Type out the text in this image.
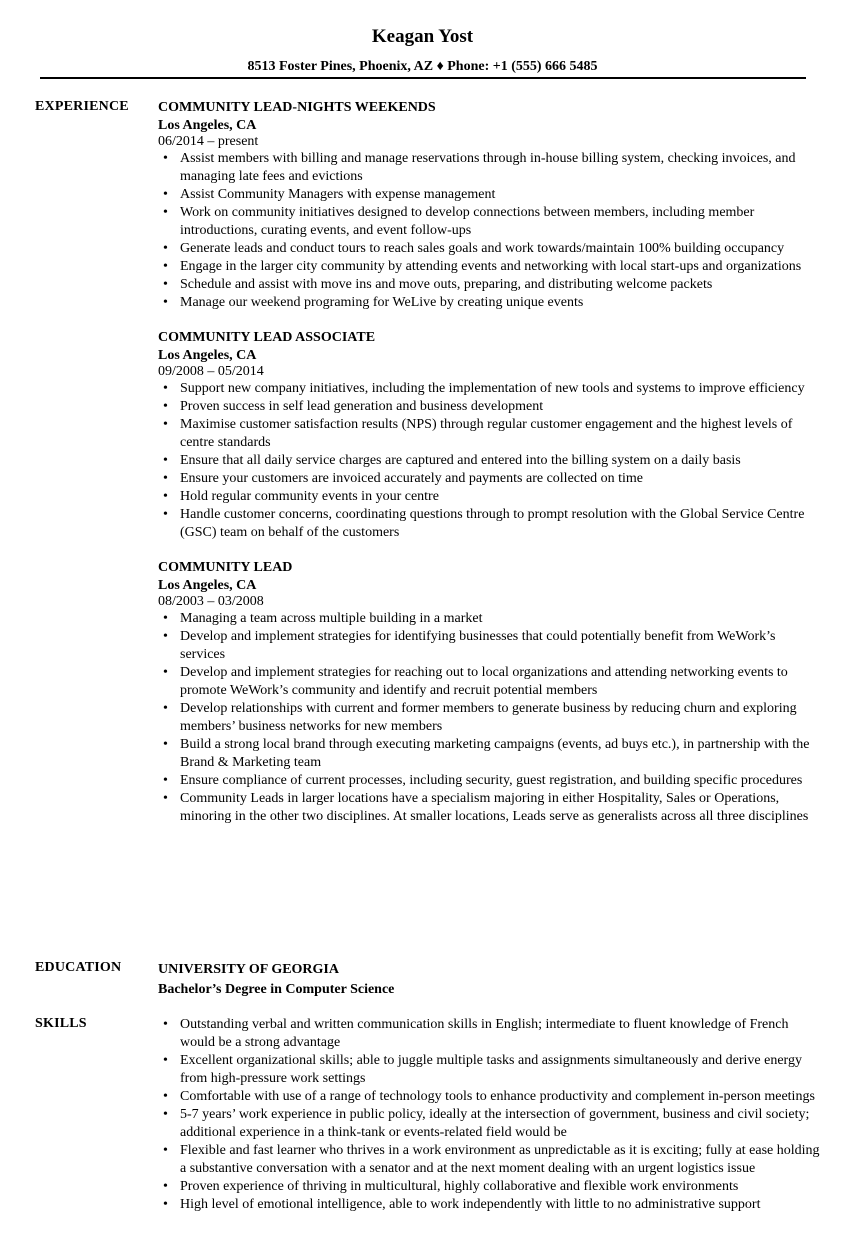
Keagan Yost
8513 Foster Pines, Phoenix, AZ ♦ Phone: +1 (555) 666 5485
EXPERIENCE COMMUNITY LEAD-NIGHTS WEEKENDS
Los Angeles, CA
06/2014 – present
• Assist members with billing and manage reservations through in-house billing system, checking invoices, and managing late fees and evictions
• Assist Community Managers with expense management
• Work on community initiatives designed to develop connections between members, including member introductions, curating events, and event follow-ups
• Generate leads and conduct tours to reach sales goals and work towards/maintain 100% building occupancy
• Engage in the larger city community by attending events and networking with local start-ups and organizations
• Schedule and assist with move ins and move outs, preparing, and distributing welcome packets
• Manage our weekend programing for WeLive by creating unique events
COMMUNITY LEAD ASSOCIATE
Los Angeles, CA
09/2008 – 05/2014
• Support new company initiatives, including the implementation of new tools and systems to improve efficiency
• Proven success in self lead generation and business development
• Maximise customer satisfaction results (NPS) through regular customer engagement and the highest levels of centre standards
• Ensure that all daily service charges are captured and entered into the billing system on a daily basis
• Ensure your customers are invoiced accurately and payments are collected on time
• Hold regular community events in your centre
• Handle customer concerns, coordinating questions through to prompt resolution with the Global Service Centre (GSC) team on behalf of the customers
COMMUNITY LEAD
Los Angeles, CA
08/2003 – 03/2008
• Managing a team across multiple building in a market
• Develop and implement strategies for identifying businesses that could potentially benefit from WeWork’s services
• Develop and implement strategies for reaching out to local organizations and attending networking events to promote WeWork’s community and identify and recruit potential members
• Develop relationships with current and former members to generate business by reducing churn and exploring members’ business networks for new members
• Build a strong local brand through executing marketing campaigns (events, ad buys etc.), in partnership with the Brand & Marketing team
• Ensure compliance of current processes, including security, guest registration, and building specific procedures
• Community Leads in larger locations have a specialism majoring in either Hospitality, Sales or Operations, minoring in the other two disciplines. At smaller locations, Leads serve as generalists across all three disciplines
EDUCATION	UNIVERSITY OF GEORGIA
Bachelor’s Degree in Computer Science
SKILLS
•	Outstanding verbal and written communication skills in English; intermediate to fluent knowledge of French would be a strong advantage
• Excellent organizational skills; able to juggle multiple tasks and assignments simultaneously and derive energy from high-pressure work settings
• Comfortable with use of a range of technology tools to enhance productivity and complement in-person meetings
• 5-7 years’ work experience in public policy, ideally at the intersection of government, business and civil society; additional experience in a think-tank or events-related field would be
• Flexible and fast learner who thrives in a work environment as unpredictable as it is exciting; fully at ease holding a substantive conversation with a senator and at the next moment dealing with an urgent logistics issue
• Proven experience of thriving in multicultural, highly collaborative and flexible work environments
• High level of emotional intelligence, able to work independently with little to no administrative support
